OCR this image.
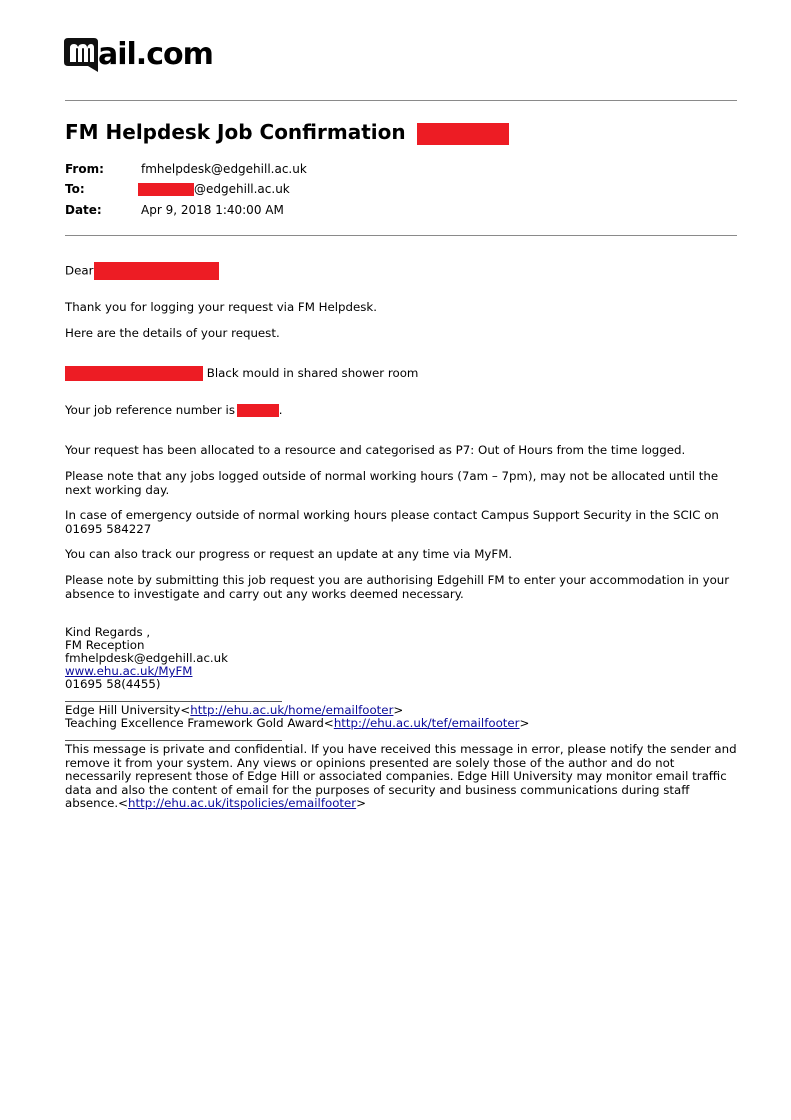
ail.com
FM Helpdesk Job Confirmation
From:	fmhelpdesk@edgehill.ac.uk
To:	@edgehill.ac.uk
Date:	Apr 9, 2018 1:40:00 AM

Dear

Thank you for logging your request via FM Helpdesk.

Here are the details of your request.

Black mould in shared shower room

Your job reference number is	.

Your request has been allocated to a resource and categorised as P7: Out of Hours from the time logged.

Please note that any jobs logged outside of normal working hours (7am – 7pm), may not be allocated until the next working day.

In case of emergency outside of normal working hours please contact Campus Support Security in the SCIC on 01695 584227

You can also track our progress or request an update at any time via MyFM.

Please note by submitting this job request you are authorising Edgehill FM to enter your accommodation in your absence to investigate and carry out any works deemed necessary.

Kind Regards ,

FM Reception

fmhelpdesk@edgehill.ac.uk

www.ehu.ac.uk/MyFM

01695 58(4455)

Edge Hill University<http://ehu.ac.uk/home/emailfooter>

Teaching Excellence Framework Gold Award<http://ehu.ac.uk/tef/emailfooter>

This message is private and confidential. If you have received this message in error, please notify the sender and remove it from your system. Any views or opinions presented are solely those of the author and do not necessarily represent those of Edge Hill or associated companies. Edge Hill University may monitor email traffic data and also the content of email for the purposes of security and business communications during staff absence.<http://ehu.ac.uk/itspolicies/emailfooter>
